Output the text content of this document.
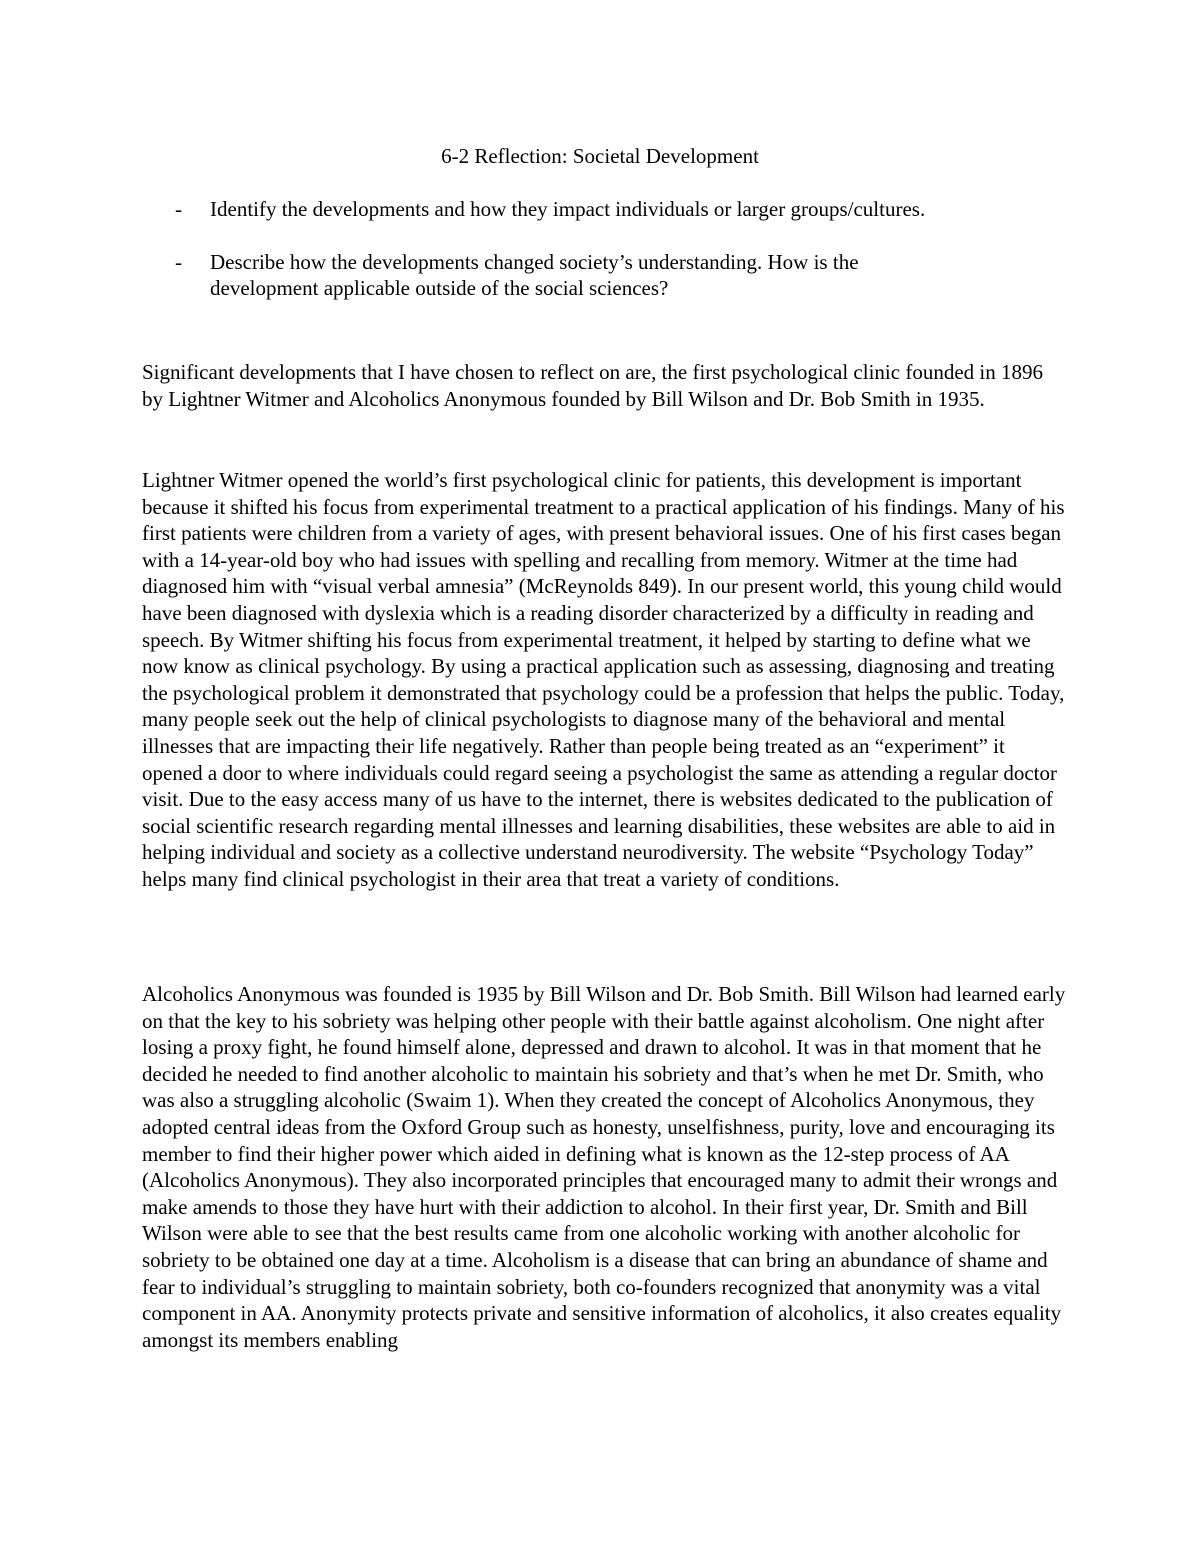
6-2 Reflection: Societal Development
- Identify the developments and how they impact individuals or larger groups/cultures.
- Describe how the developments changed society’s understanding. How is the development applicable outside of the social sciences?

Significant developments that I have chosen to reflect on are, the first psychological clinic founded in 1896 by Lightner Witmer and Alcoholics Anonymous founded by Bill Wilson and Dr. Bob Smith in 1935.

Lightner Witmer opened the world’s first psychological clinic for patients, this development is important because it shifted his focus from experimental treatment to a practical application of his findings. Many of his first patients were children from a variety of ages, with present behavioral issues. One of his first cases began with a 14-year-old boy who had issues with spelling and recalling from memory. Witmer at the time had diagnosed him with “visual verbal amnesia” (McReynolds 849). In our present world, this young child would have been diagnosed with dyslexia which is a reading disorder characterized by a difficulty in reading and speech. By Witmer shifting his focus from experimental treatment, it helped by starting to define what we now know as clinical psychology. By using a practical application such as assessing, diagnosing and treating the psychological problem it demonstrated that psychology could be a profession that helps the public. Today, many people seek out the help of clinical psychologists to diagnose many of the behavioral and mental illnesses that are impacting their life negatively. Rather than people being treated as an “experiment” it opened a door to where individuals could regard seeing a psychologist the same as attending a regular doctor visit. Due to the easy access many of us have to the internet, there is websites dedicated to the publication of social scientific research regarding mental illnesses and learning disabilities, these websites are able to aid in helping individual and society as a collective understand neurodiversity. The website “Psychology Today” helps many find clinical psychologist in their area that treat a variety of conditions.

Alcoholics Anonymous was founded is 1935 by Bill Wilson and Dr. Bob Smith. Bill Wilson had learned early on that the key to his sobriety was helping other people with their battle against alcoholism. One night after losing a proxy fight, he found himself alone, depressed and drawn to alcohol. It was in that moment that he decided he needed to find another alcoholic to maintain his sobriety and that’s when he met Dr. Smith, who was also a struggling alcoholic (Swaim 1). When they created the concept of Alcoholics Anonymous, they adopted central ideas from the Oxford Group such as honesty, unselfishness, purity, love and encouraging its member to find their higher power which aided in defining what is known as the 12-step process of AA (Alcoholics Anonymous). They also incorporated principles that encouraged many to admit their wrongs and make amends to those they have hurt with their addiction to alcohol. In their first year, Dr. Smith and Bill Wilson were able to see that the best results came from one alcoholic working with another alcoholic for sobriety to be obtained one day at a time. Alcoholism is a disease that can bring an abundance of shame and fear to individual’s struggling to maintain sobriety, both co-founders recognized that anonymity was a vital component in AA. Anonymity protects private and sensitive information of alcoholics, it also creates equality amongst its members enabling
